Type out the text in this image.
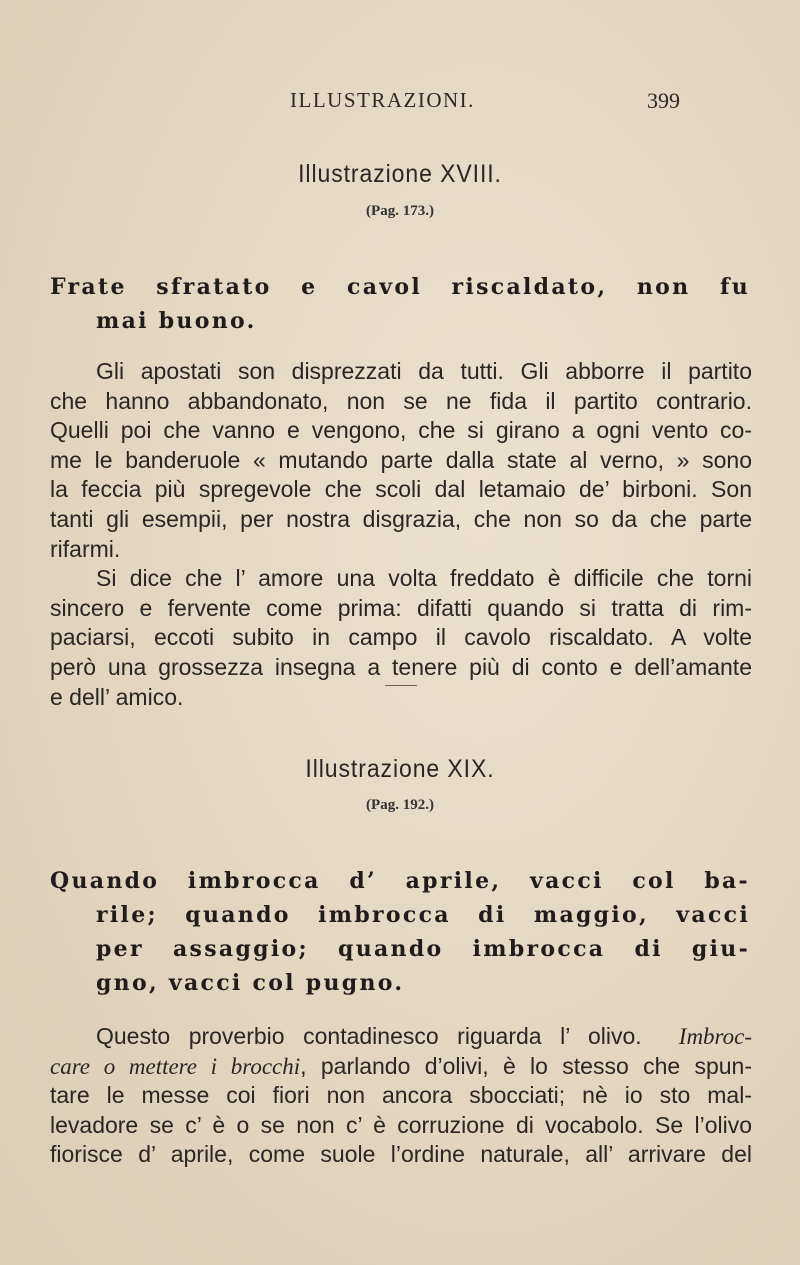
ILLUSTRAZIONI.	399
Illustrazione XVIII.
(Pag. 173.)
Frate sfratato e cavol riscaldato, non fu
mai buono.
Gli apostati son disprezzati da tutti. Gli abborre il partito
che hanno abbandonato, non se ne fida il partito contrario.
Quelli poi che vanno e vengono, che si girano a ogni vento co-
me le banderuole « mutando parte dalla state al verno, » sono
la feccia più spregevole che scoli dal letamaio de’ birboni. Son
tanti gli esempii, per nostra disgrazia, che non so da che parte
rifarmi.
Si dice che l’ amore una volta freddato è difficile che torni
sincero e fervente come prima: difatti quando si tratta di rim-
paciarsi, eccoti subito in campo il cavolo riscaldato. A volte
però una grossezza insegna a tenere più di conto e dell’amante
e dell’ amico.
Illustrazione XIX.
(Pag. 192.)
Quando imbrocca d’ aprile, vacci col ba-
rile; quando imbrocca di maggio, vacci
per assaggio; quando imbrocca di giu-
gno, vacci col pugno.
Questo proverbio contadinesco riguarda l’ olivo. Imbroc-
care o mettere i brocchi, parlando d’olivi, è lo stesso che spun-
tare le messe coi fiori non ancora sbocciati; nè io sto mal-
levadore se c’ è o se non c’ è corruzione di vocabolo. Se l’olivo
fiorisce d’ aprile, come suole l’ordine naturale, all’ arrivare del
